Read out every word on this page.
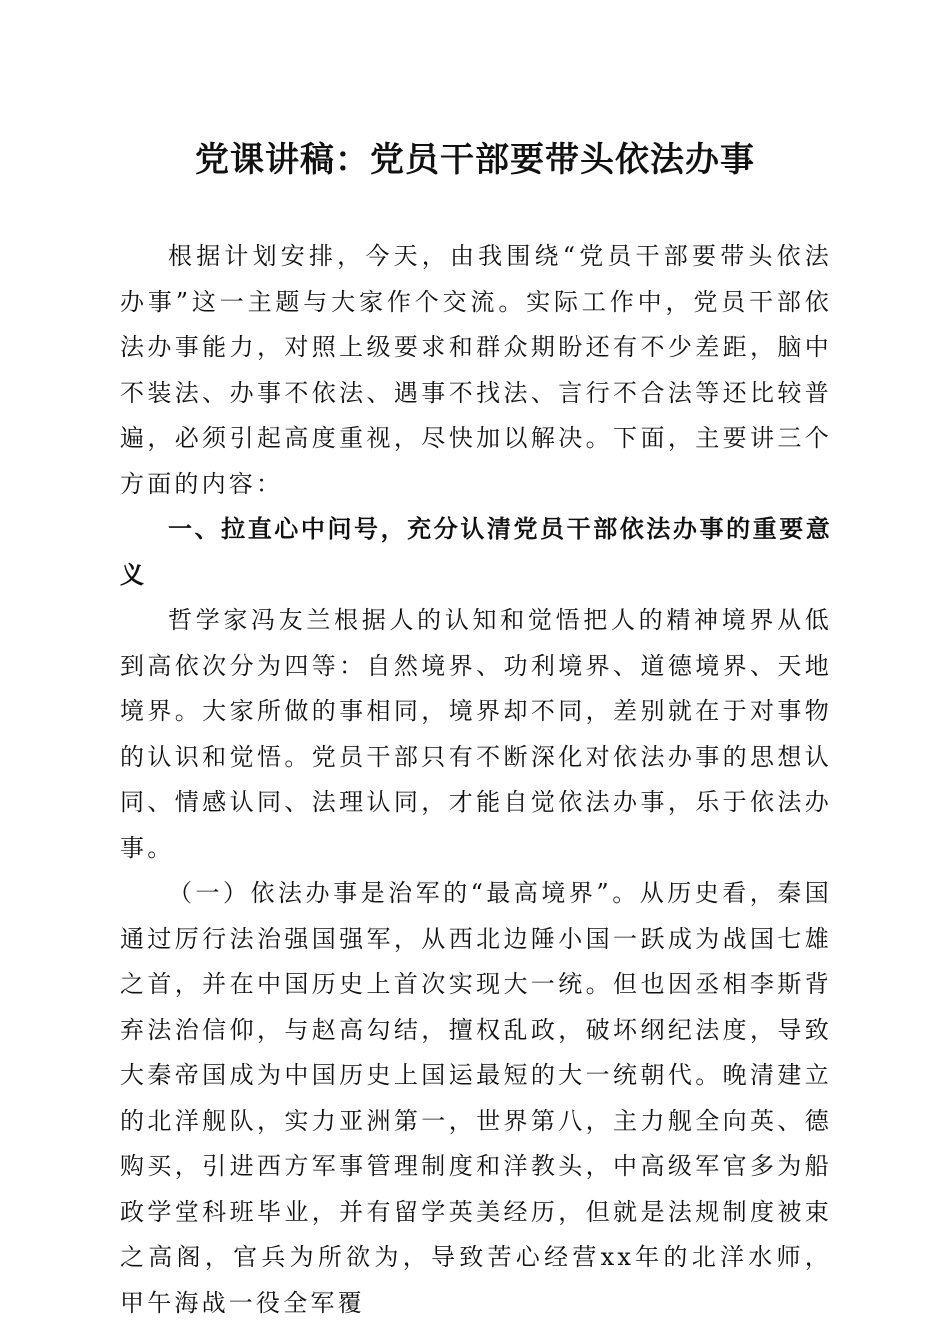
党课讲稿：党员干部要带头依法办事

根据计划安排，今天，由我围绕“党员干部要带头依法办事”这一主题与大家作个交流。实际工作中，党员干部依法办事能力，对照上级要求和群众期盼还有不少差距，脑中不装法、办事不依法、遇事不找法、言行不合法等还比较普遍，必须引起高度重视，尽快加以解决。下面，主要讲三个方面的内容：

一、拉直心中问号，充分认清党员干部依法办事的重要意义

哲学家冯友兰根据人的认知和觉悟把人的精神境界从低到高依次分为四等：自然境界、功利境界、道德境界、天地境界。大家所做的事相同，境界却不同，差别就在于对事物的认识和觉悟。党员干部只有不断深化对依法办事的思想认同、情感认同、法理认同，才能自觉依法办事，乐于依法办事。

（一）依法办事是治军的“最高境界”。从历史看，秦国通过厉行法治强国强军，从西北边陲小国一跃成为战国七雄之首，并在中国历史上首次实现大一统。但也因丞相李斯背弃法治信仰，与赵高勾结，擅权乱政，破坏纲纪法度，导致大秦帝国成为中国历史上国运最短的大一统朝代。晚清建立的北洋舰队，实力亚洲第一，世界第八，主力舰全向英、德购买，引进西方军事管理制度和洋教头，中高级军官多为船政学堂科班毕业，并有留学英美经历，但就是法规制度被束之高阁，官兵为所欲为，导致苦心经营xx年的北洋水师，甲午海战一役全军覆
